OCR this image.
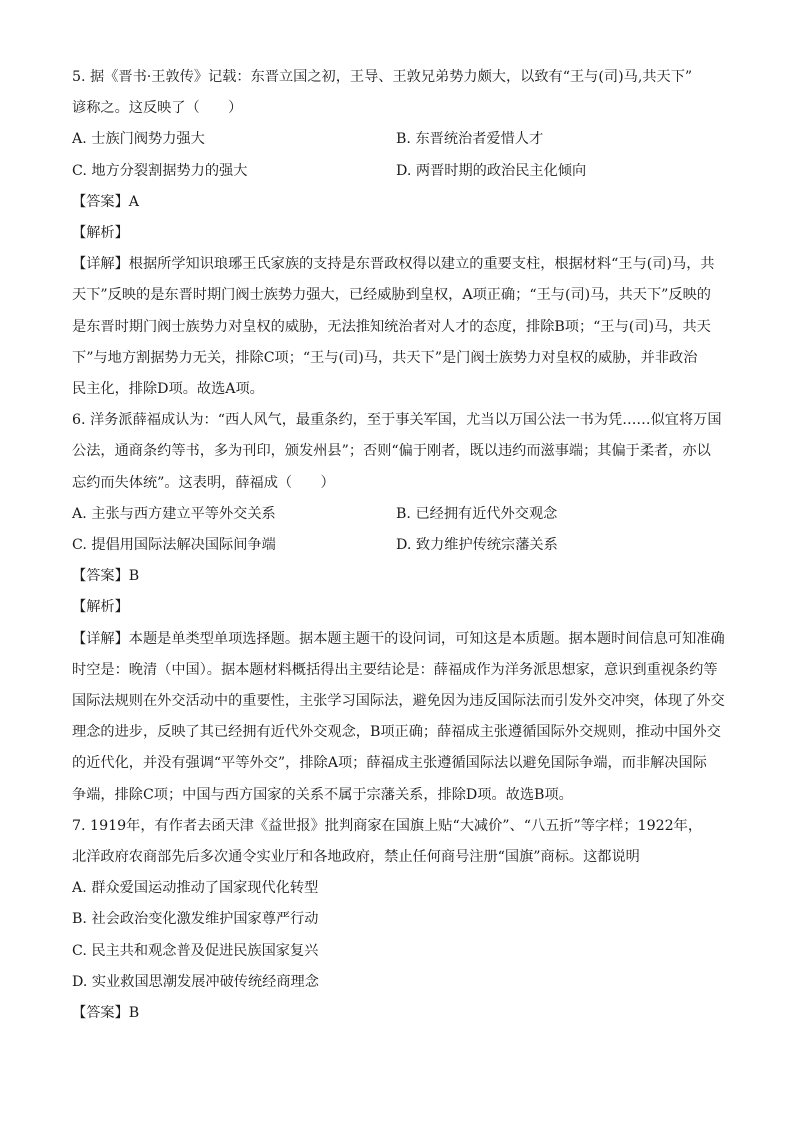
5. 据《晋书·王敦传》记载：东晋立国之初，王导、王敦兄弟势力颇大，以致有“王与(司)马,共天下”
谚称之。这反映了（　　）
A. 士族门阀势力强大	B. 东晋统治者爱惜人才
C. 地方分裂割据势力的强大	D. 两晋时期的政治民主化倾向
【答案】A
【解析】
【详解】根据所学知识琅琊王氏家族的支持是东晋政权得以建立的重要支柱，根据材料“王与(司)马，共
天下”反映的是东晋时期门阀士族势力强大，已经威胁到皇权，A项正确；“王与(司)马，共天下”反映的
是东晋时期门阀士族势力对皇权的威胁，无法推知统治者对人才的态度，排除B项；“王与(司)马，共天
下”与地方割据势力无关，排除C项；“王与(司)马，共天下”是门阀士族势力对皇权的威胁，并非政治
民主化，排除D项。故选A项。
6. 洋务派薛福成认为：“西人风气，最重条约，至于事关军国，尤当以万国公法一书为凭……似宜将万国
公法，通商条约等书，多为刊印，颁发州县”；否则“偏于刚者，既以违约而滋事端；其偏于柔者，亦以
忘约而失体统”。这表明，薛福成（　　）
A. 主张与西方建立平等外交关系	B. 已经拥有近代外交观念
C. 提倡用国际法解决国际间争端	D. 致力维护传统宗藩关系
【答案】B
【解析】
【详解】本题是单类型单项选择题。据本题主题干的设问词，可知这是本质题。据本题时间信息可知准确
时空是：晚清（中国）。据本题材料概括得出主要结论是：薛福成作为洋务派思想家，意识到重视条约等
国际法规则在外交活动中的重要性，主张学习国际法，避免因为违反国际法而引发外交冲突，体现了外交
理念的进步，反映了其已经拥有近代外交观念，B项正确；薛福成主张遵循国际外交规则，推动中国外交
的近代化，并没有强调“平等外交”，排除A项；薛福成主张遵循国际法以避免国际争端，而非解决国际
争端，排除C项；中国与西方国家的关系不属于宗藩关系，排除D项。故选B项。
7. 1919年，有作者去函天津《益世报》批判商家在国旗上贴“大减价”、“八五折”等字样；1922年，
北洋政府农商部先后多次通令实业厅和各地政府，禁止任何商号注册“国旗”商标。这都说明
A. 群众爱国运动推动了国家现代化转型
B. 社会政治变化激发维护国家尊严行动
C. 民主共和观念普及促进民族国家复兴
D. 实业救国思潮发展冲破传统经商理念
【答案】B
